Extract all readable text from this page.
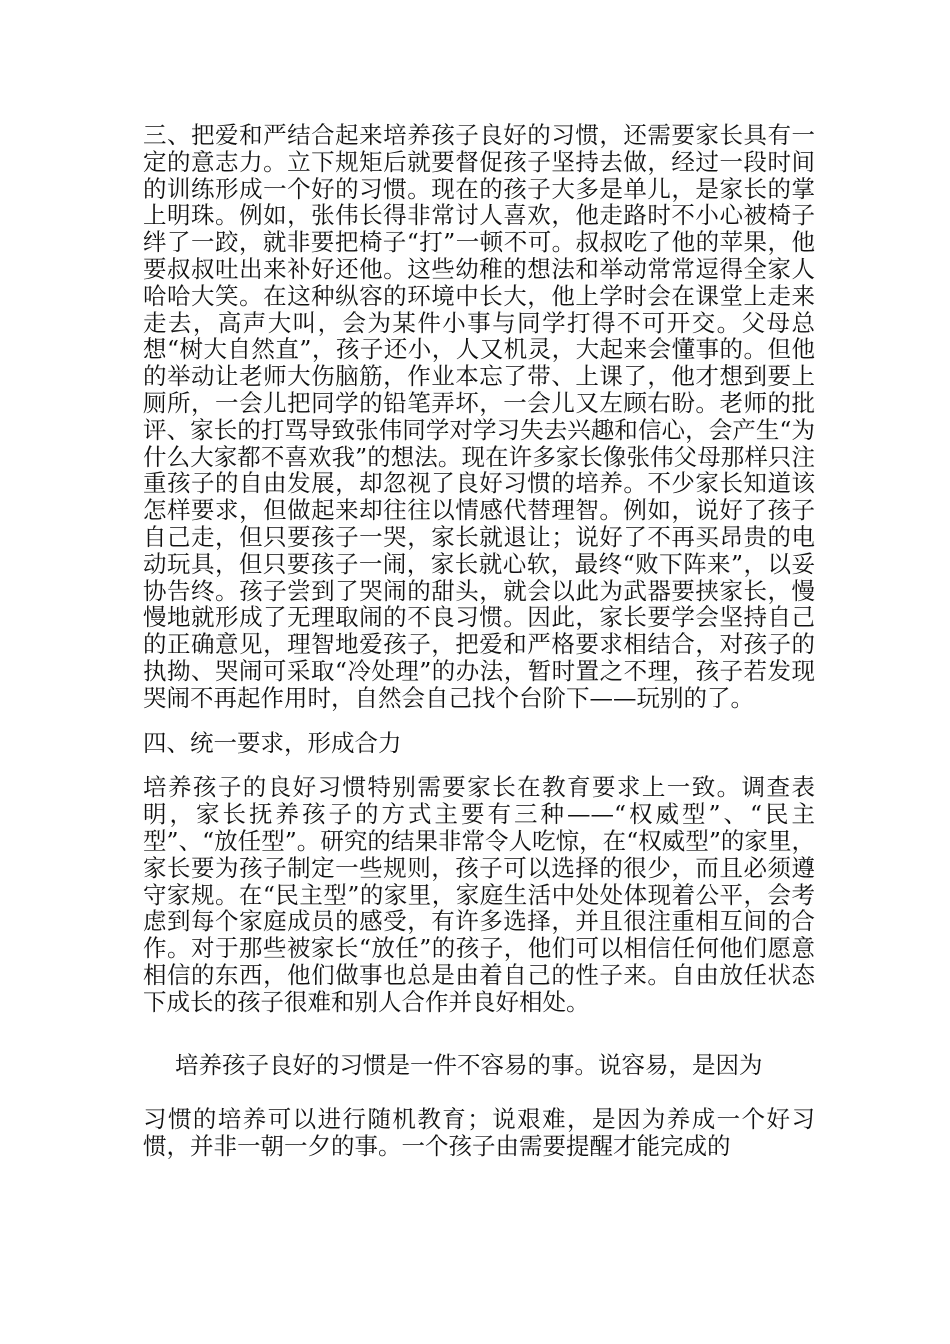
三、把爱和严结合起来培养孩子良好的习惯，还需要家长具有一定的意志力。立下规矩后就要督促孩子坚持去做，经过一段时间的训练形成一个好的习惯。现在的孩子大多是单儿，是家长的掌上明珠。例如，张伟长得非常讨人喜欢，他走路时不小心被椅子绊了一跤，就非要把椅子“打”一顿不可。叔叔吃了他的苹果，他要叔叔吐出来补好还他。这些幼稚的想法和举动常常逗得全家人哈哈大笑。在这种纵容的环境中长大，他上学时会在课堂上走来走去，高声大叫，会为某件小事与同学打得不可开交。父母总想“树大自然直”，孩子还小，人又机灵，大起来会懂事的。但他的举动让老师大伤脑筋，作业本忘了带、上课了，他才想到要上厕所，一会儿把同学的铅笔弄坏，一会儿又左顾右盼。老师的批评、家长的打骂导致张伟同学对学习失去兴趣和信心，会产生“为什么大家都不喜欢我”的想法。现在许多家长像张伟父母那样只注重孩子的自由发展，却忽视了良好习惯的培养。不少家长知道该怎样要求，但做起来却往往以情感代替理智。例如，说好了孩子自己走，但只要孩子一哭，家长就退让；说好了不再买昂贵的电动玩具，但只要孩子一闹，家长就心软，最终“败下阵来”，以妥协告终。孩子尝到了哭闹的甜头，就会以此为武器要挟家长，慢慢地就形成了无理取闹的不良习惯。因此，家长要学会坚持自己的正确意见，理智地爱孩子，把爱和严格要求相结合，对孩子的执拗、哭闹可采取“冷处理”的办法，暂时置之不理，孩子若发现哭闹不再起作用时，自然会自己找个台阶下——玩别的了。

四、统一要求，形成合力

培养孩子的良好习惯特别需要家长在教育要求上一致。调查表明，家长抚养孩子的方式主要有三种——“权威型”、“民主型”、“放任型”。研究的结果非常令人吃惊，在“权威型”的家里，家长要为孩子制定一些规则，孩子可以选择的很少，而且必须遵守家规。在“民主型”的家里，家庭生活中处处体现着公平，会考虑到每个家庭成员的感受，有许多选择，并且很注重相互间的合作。对于那些被家长“放任”的孩子，他们可以相信任何他们愿意相信的东西，他们做事也总是由着自己的性子来。自由放任状态下成长的孩子很难和别人合作并良好相处。

培养孩子良好的习惯是一件不容易的事。说容易，是因为

习惯的培养可以进行随机教育；说艰难，是因为养成一个好习惯，并非一朝一夕的事。一个孩子由需要提醒才能完成的
